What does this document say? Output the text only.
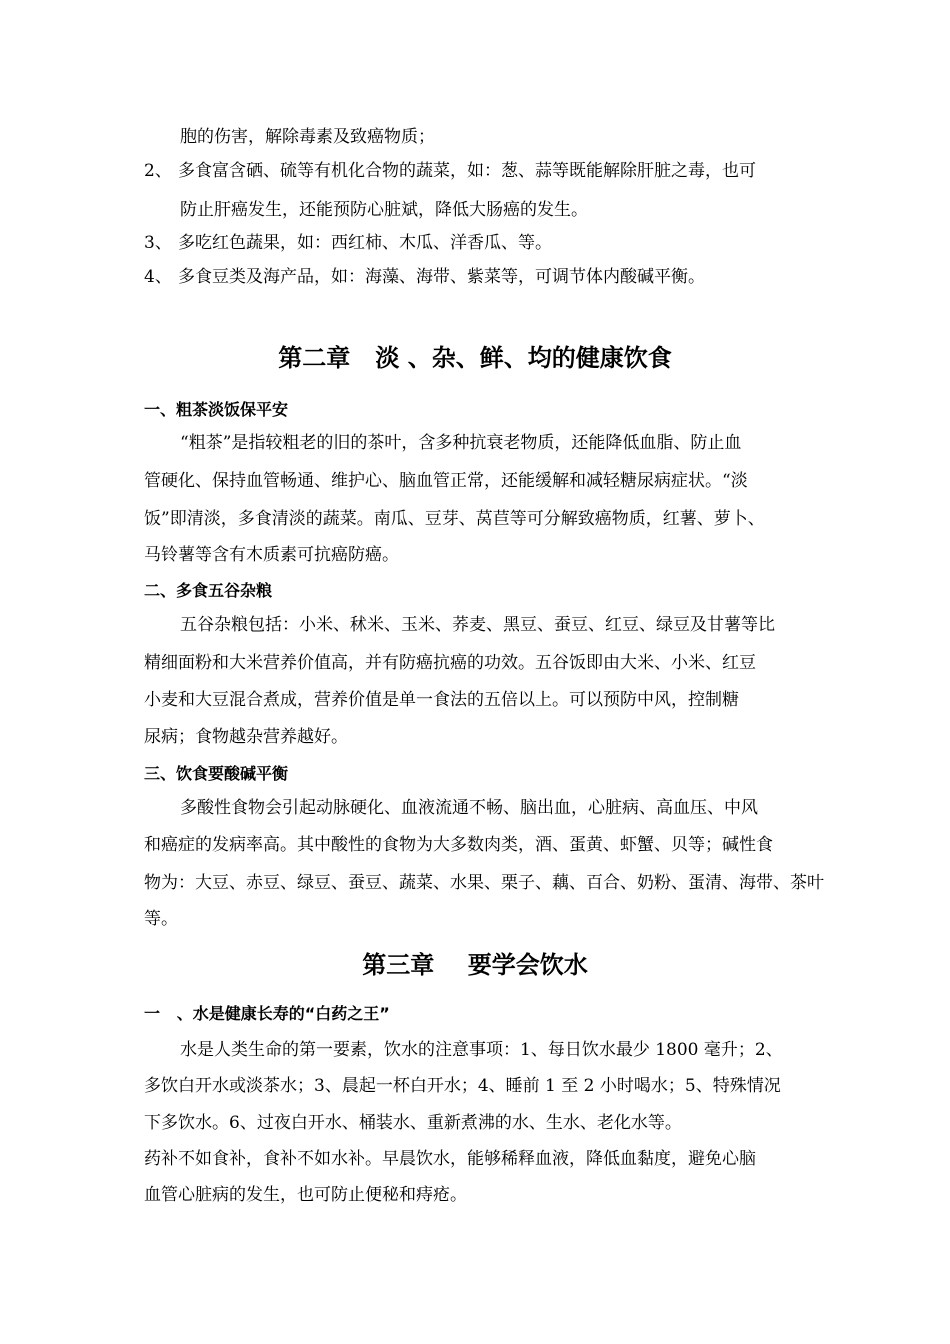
胞的伤害，解除毒素及致癌物质；
2、 多食富含硒、硫等有机化合物的蔬菜，如：葱、蒜等既能解除肝脏之毒，也可
防止肝癌发生，还能预防心脏斌，降低大肠癌的发生。
3、 多吃红色蔬果，如：西红柿、木瓜、洋香瓜、等。
4、 多食豆类及海产品，如：海藻、海带、紫菜等，可调节体内酸碱平衡。
第二章   淡 、杂、鲜、均的健康饮食
一、粗茶淡饭保平安
“粗茶”是指较粗老的旧的茶叶，含多种抗衰老物质，还能降低血脂、防止血
管硬化、保持血管畅通、维护心、脑血管正常，还能缓解和减轻糖尿病症状。“淡
饭”即清淡，多食清淡的蔬菜。南瓜、豆芽、莴苣等可分解致癌物质，红薯、萝卜、
马铃薯等含有木质素可抗癌防癌。
二、多食五谷杂粮
五谷杂粮包括：小米、秫米、玉米、荞麦、黑豆、蚕豆、红豆、绿豆及甘薯等比
精细面粉和大米营养价值高，并有防癌抗癌的功效。五谷饭即由大米、小米、红豆
小麦和大豆混合煮成，营养价值是单一食法的五倍以上。可以预防中风，控制糖
尿病；食物越杂营养越好。
三、饮食要酸碱平衡
多酸性食物会引起动脉硬化、血液流通不畅、脑出血，心脏病、高血压、中风
和癌症的发病率高。其中酸性的食物为大多数肉类，酒、蛋黄、虾蟹、贝等；碱性食
物为：大豆、赤豆、绿豆、蚕豆、蔬菜、水果、栗子、藕、百合、奶粉、蛋清、海带、茶叶
等。
第三章    要学会饮水
一   、水是健康长寿的“白药之王”
水是人类生命的第一要素，饮水的注意事项：1、每日饮水最少 1800 毫升；2、
多饮白开水或淡茶水；3、晨起一杯白开水；4、睡前 1 至 2 小时喝水；5、特殊情况
下多饮水。6、过夜白开水、桶装水、重新煮沸的水、生水、老化水等。
药补不如食补，食补不如水补。早晨饮水，能够稀释血液，降低血黏度，避免心脑
血管心脏病的发生，也可防止便秘和痔疮。
